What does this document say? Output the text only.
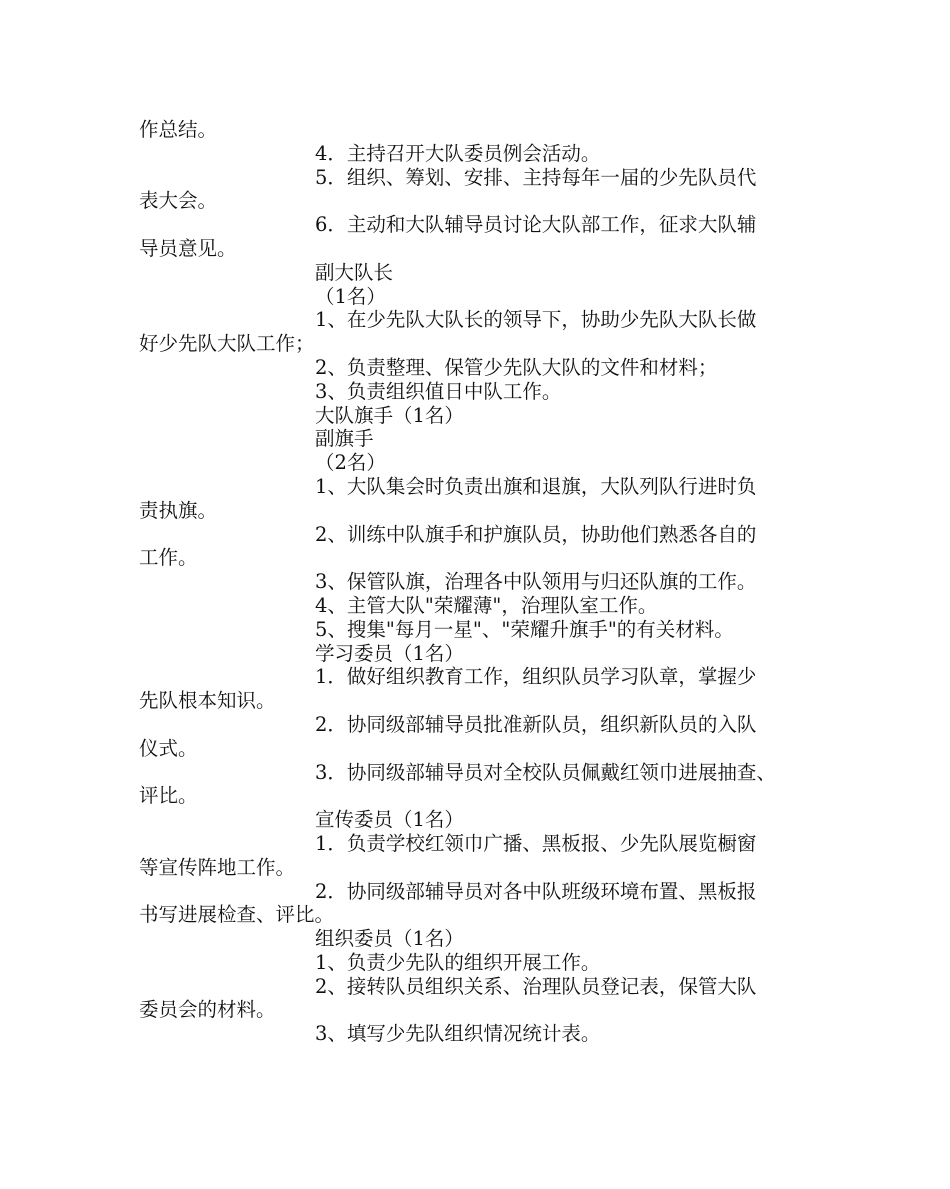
作总结。
4．主持召开大队委员例会活动。
5．组织、筹划、安排、主持每年一届的少先队员代
表大会。
6．主动和大队辅导员讨论大队部工作，征求大队辅
导员意见。
副大队长
（1名）
1、在少先队大队长的领导下，协助少先队大队长做
好少先队大队工作；
2、负责整理、保管少先队大队的文件和材料；
3、负责组织值日中队工作。
大队旗手（1名）
副旗手
（2名）
1、大队集会时负责出旗和退旗，大队列队行进时负
责执旗。
2、训练中队旗手和护旗队员，协助他们熟悉各自的
工作。
3、保管队旗，治理各中队领用与归还队旗的工作。
4、主管大队"荣耀薄"，治理队室工作。
5、搜集"每月一星"、"荣耀升旗手"的有关材料。
学习委员（1名）
1．做好组织教育工作，组织队员学习队章，掌握少
先队根本知识。
2．协同级部辅导员批准新队员，组织新队员的入队
仪式。
3．协同级部辅导员对全校队员佩戴红领巾进展抽查、
评比。
宣传委员（1名）
1．负责学校红领巾广播、黑板报、少先队展览橱窗
等宣传阵地工作。
2．协同级部辅导员对各中队班级环境布置、黑板报
书写进展检查、评比。
组织委员（1名）
1、负责少先队的组织开展工作。
2、接转队员组织关系、治理队员登记表，保管大队
委员会的材料。
3、填写少先队组织情况统计表。
